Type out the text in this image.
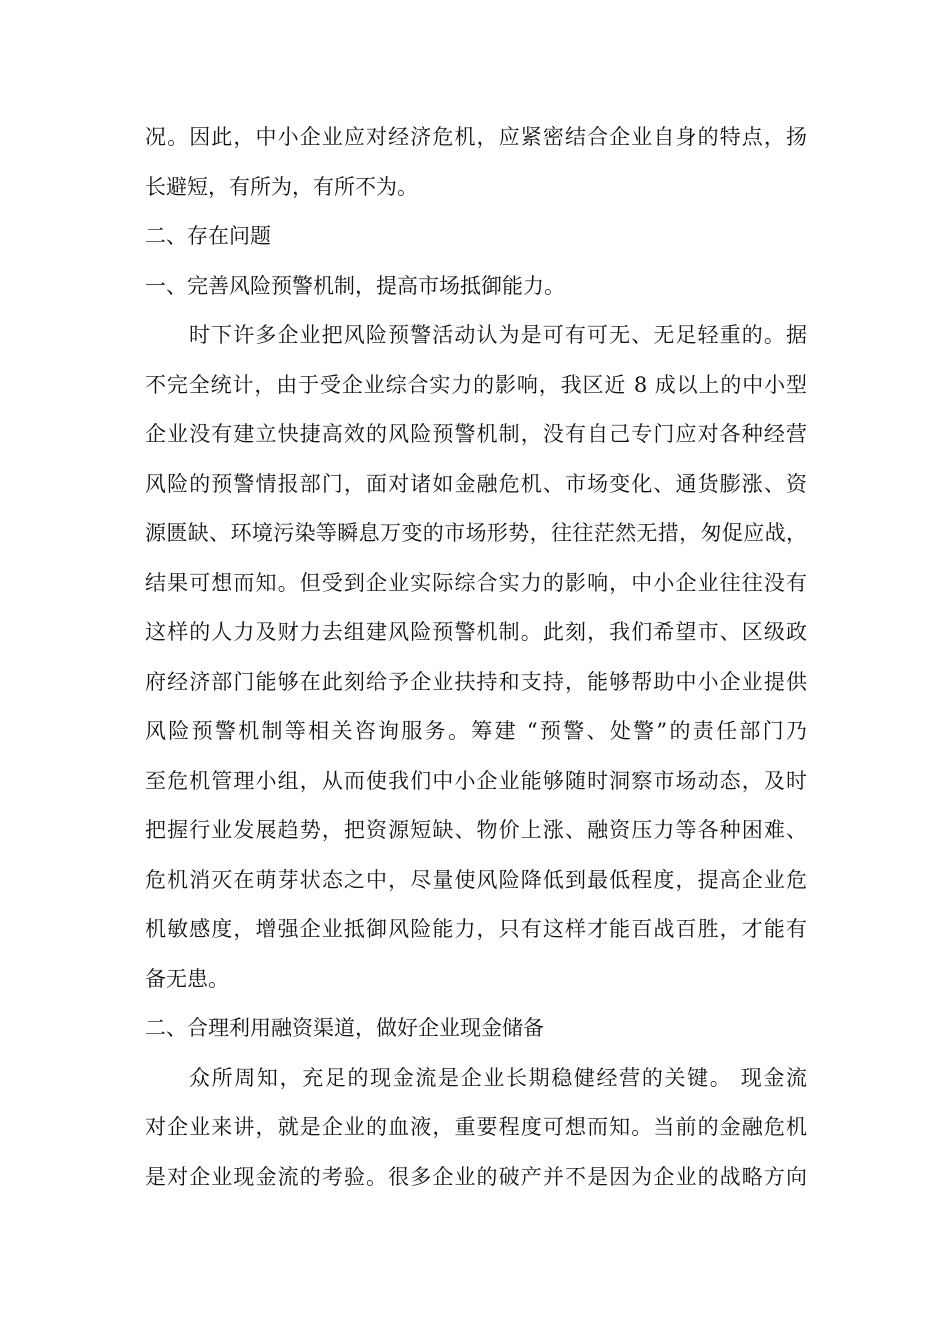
况。因此，中小企业应对经济危机，应紧密结合企业自身的特点，扬
长避短，有所为，有所不为。
二、存在问题
一、完善风险预警机制，提高市场抵御能力。
时下许多企业把风险预警活动认为是可有可无、无足轻重的。据
不完全统计，由于受企业综合实力的影响，我区近 8 成以上的中小型
企业没有建立快捷高效的风险预警机制，没有自己专门应对各种经营
风险的预警情报部门，面对诸如金融危机、市场变化、通货膨涨、资
源匮缺、环境污染等瞬息万变的市场形势，往往茫然无措，匆促应战，
结果可想而知。但受到企业实际综合实力的影响，中小企业往往没有
这样的人力及财力去组建风险预警机制。此刻，我们希望市、区级政
府经济部门能够在此刻给予企业扶持和支持，能够帮助中小企业提供
风险预警机制等相关咨询服务。筹建 “预警、处警”的责任部门乃
至危机管理小组，从而使我们中小企业能够随时洞察市场动态，及时
把握行业发展趋势，把资源短缺、物价上涨、融资压力等各种困难、
危机消灭在萌芽状态之中，尽量使风险降低到最低程度，提高企业危
机敏感度，增强企业抵御风险能力，只有这样才能百战百胜，才能有
备无患。
二、合理利用融资渠道，做好企业现金储备
众所周知，充足的现金流是企业长期稳健经营的关键。 现金流
对企业来讲，就是企业的血液，重要程度可想而知。当前的金融危机
是对企业现金流的考验。很多企业的破产并不是因为企业的战略方向
